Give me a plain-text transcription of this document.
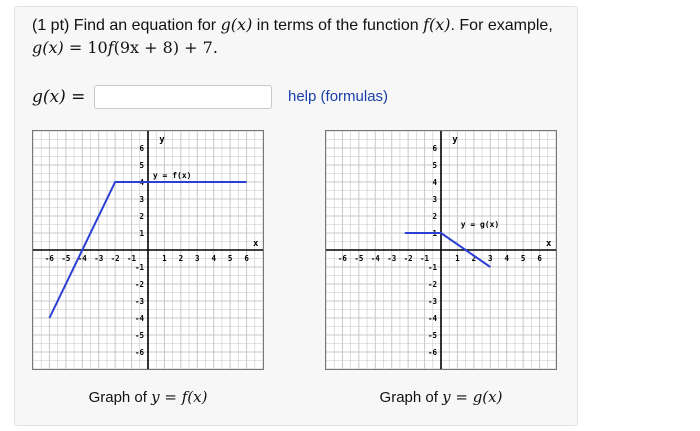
(1 pt) Find an equation for g(x) in terms of the function f(x). For example,
g(x) = 10f(9x + 8) + 7.
g(x) =	help (formulas)
-6 -5 -4 -3 -2 -1	1 2 3 4 5 6
6
5
4
3
2
1
-1
-2
-3
-4
-5
-6
y
x
y = f(x)
Graph of y = f(x)
-6 -5 -4 -3 -2 -1	1 2 3 4 5 6
6
5
4
3
2
1
-1
-2
-3
-4
-5
-6
y
x
y = g(x)
Graph of y = g(x)
